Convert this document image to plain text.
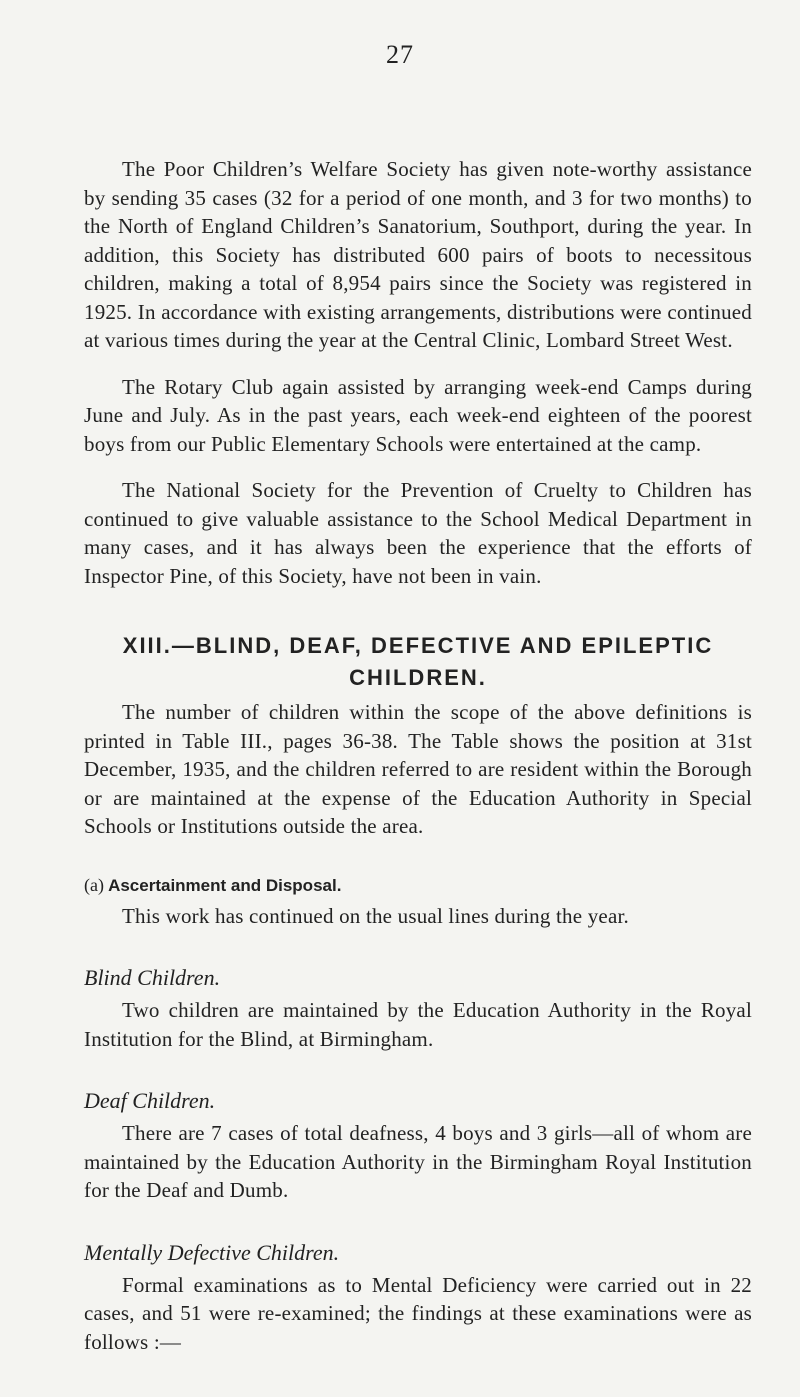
27

The Poor Children’s Welfare Society has given note-worthy assistance by sending 35 cases (32 for a period of one month, and 3 for two months) to the North of England Children’s Sanatorium, Southport, during the year. In addition, this Society has distributed 600 pairs of boots to necessitous children, making a total of 8,954 pairs since the Society was registered in 1925. In accordance with existing arrangements, distributions were continued at various times during the year at the Central Clinic, Lombard Street West.

The Rotary Club again assisted by arranging week-end Camps during June and July. As in the past years, each week-end eighteen of the poorest boys from our Public Elementary Schools were entertained at the camp.

The National Society for the Prevention of Cruelty to Children has continued to give valuable assistance to the School Medical Department in many cases, and it has always been the experience that the efforts of Inspector Pine, of this Society, have not been in vain.

XIII.—BLIND, DEAF, DEFECTIVE AND EPILEPTIC CHILDREN.

The number of children within the scope of the above definitions is printed in Table III., pages 36-38. The Table shows the position at 31st December, 1935, and the children referred to are resident within the Borough or are maintained at the expense of the Education Authority in Special Schools or Institutions outside the area.

(a) Ascertainment and Disposal.

This work has continued on the usual lines during the year.

Blind Children.

Two children are maintained by the Education Authority in the Royal Institution for the Blind, at Birmingham.

Deaf Children.

There are 7 cases of total deafness, 4 boys and 3 girls—all of whom are maintained by the Education Authority in the Birmingham Royal Institution for the Deaf and Dumb.

Mentally Defective Children.

Formal examinations as to Mental Deficiency were carried out in 22 cases, and 51 were re-examined; the findings at these examinations were as follows :—
